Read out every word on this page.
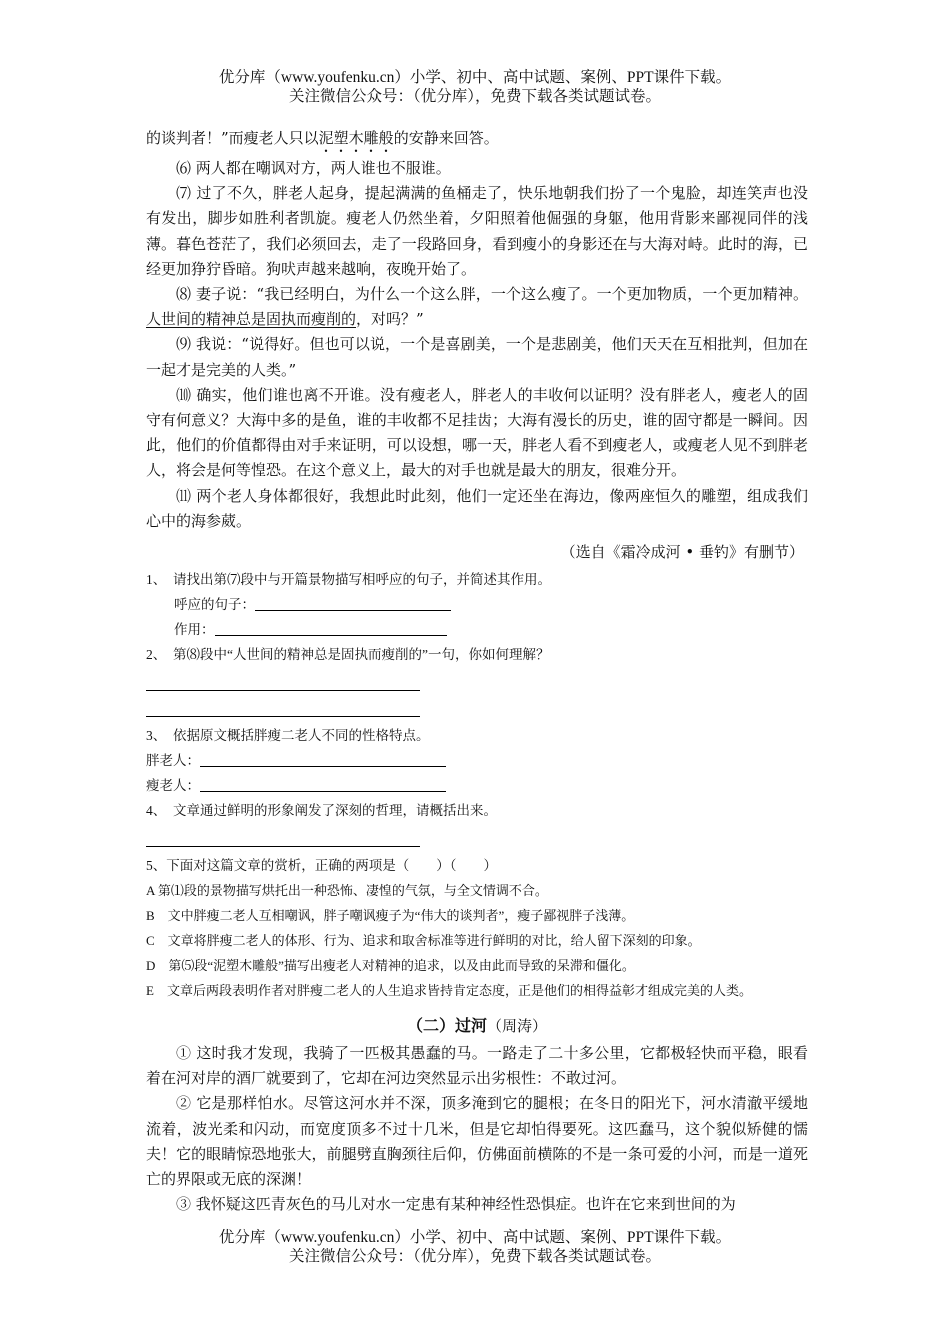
优分库（www.youfenku.cn）小学、初中、高中试题、案例、PPT课件下载。
关注微信公众号：（优分库），免费下载各类试题试卷。

的谈判者！”而瘦老人只以泥塑木雕般的安静来回答。

⑹ 两人都在嘲讽对方，两人谁也不服谁。

⑺ 过了不久，胖老人起身，提起满满的鱼桶走了，快乐地朝我们扮了一个鬼脸，却连笑声也没有发出，脚步如胜利者凯旋。瘦老人仍然坐着，夕阳照着他倔强的身躯，他用背影来鄙视同伴的浅薄。暮色苍茫了，我们必须回去，走了一段路回身，看到瘦小的身影还在与大海对峙。此时的海，已经更加狰狞昏暗。狗吠声越来越响，夜晚开始了。

⑻ 妻子说：“我已经明白，为什么一个这么胖，一个这么瘦了。一个更加物质，一个更加精神。人世间的精神总是固执而瘦削的，对吗？”

⑼ 我说：“说得好。但也可以说，一个是喜剧美，一个是悲剧美，他们天天在互相批判，但加在一起才是完美的人类。”

⑽ 确实，他们谁也离不开谁。没有瘦老人，胖老人的丰收何以证明？没有胖老人，瘦老人的固守有何意义？大海中多的是鱼，谁的丰收都不足挂齿；大海有漫长的历史，谁的固守都是一瞬间。因此，他们的价值都得由对手来证明，可以设想，哪一天，胖老人看不到瘦老人，或瘦老人见不到胖老人，将会是何等惶恐。在这个意义上，最大的对手也就是最大的朋友，很难分开。

⑾ 两个老人身体都很好，我想此时此刻，他们一定还坐在海边，像两座恒久的雕塑，组成我们心中的海参葳。

（选自《霜冷成河 • 垂钓》有删节）
1、　请找出第⑺段中与开篇景物描写相呼应的句子，并简述其作用。
呼应的句子：
作用：
2、　第⑻段中“人世间的精神总是固执而瘦削的”一句，你如何理解？
3、　依据原文概括胖瘦二老人不同的性格特点。
胖老人：
瘦老人：
4、　文章通过鲜明的形象阐发了深刻的哲理，请概括出来。
5、下面对这篇文章的赏析，正确的两项是（　　）（　　）
A 第⑴段的景物描写烘托出一种恐怖、凄惶的气氛，与全文情调不合。
B　文中胖瘦二老人互相嘲讽，胖子嘲讽瘦子为“伟大的谈判者”，瘦子鄙视胖子浅薄。
C　文章将胖瘦二老人的体形、行为、追求和取舍标准等进行鲜明的对比，给人留下深刻的印象。
D　第⑸段“泥塑木雕般”描写出瘦老人对精神的追求，以及由此而导致的呆滞和僵化。
E　文章后两段表明作者对胖瘦二老人的人生追求皆持肯定态度，正是他们的相得益彰才组成完美的人类。
（二）过河（周涛）

① 这时我才发现，我骑了一匹极其愚蠢的马。一路走了二十多公里，它都极轻快而平稳，眼看着在河对岸的酒厂就要到了，它却在河边突然显示出劣根性：不敢过河。

② 它是那样怕水。尽管这河水并不深，顶多淹到它的腿根；在冬日的阳光下，河水清澈平缓地流着，波光柔和闪动，而宽度顶多不过十几米，但是它却怕得要死。这匹蠢马，这个貌似矫健的懦夫！它的眼睛惊恐地张大，前腿劈直胸颈往后仰，仿佛面前横陈的不是一条可爱的小河，而是一道死亡的界限或无底的深渊！

③ 我怀疑这匹青灰色的马儿对水一定患有某种神经性恐惧症。也许在它来到世间的为

优分库（www.youfenku.cn）小学、初中、高中试题、案例、PPT课件下载。
关注微信公众号：（优分库），免费下载各类试题试卷。
